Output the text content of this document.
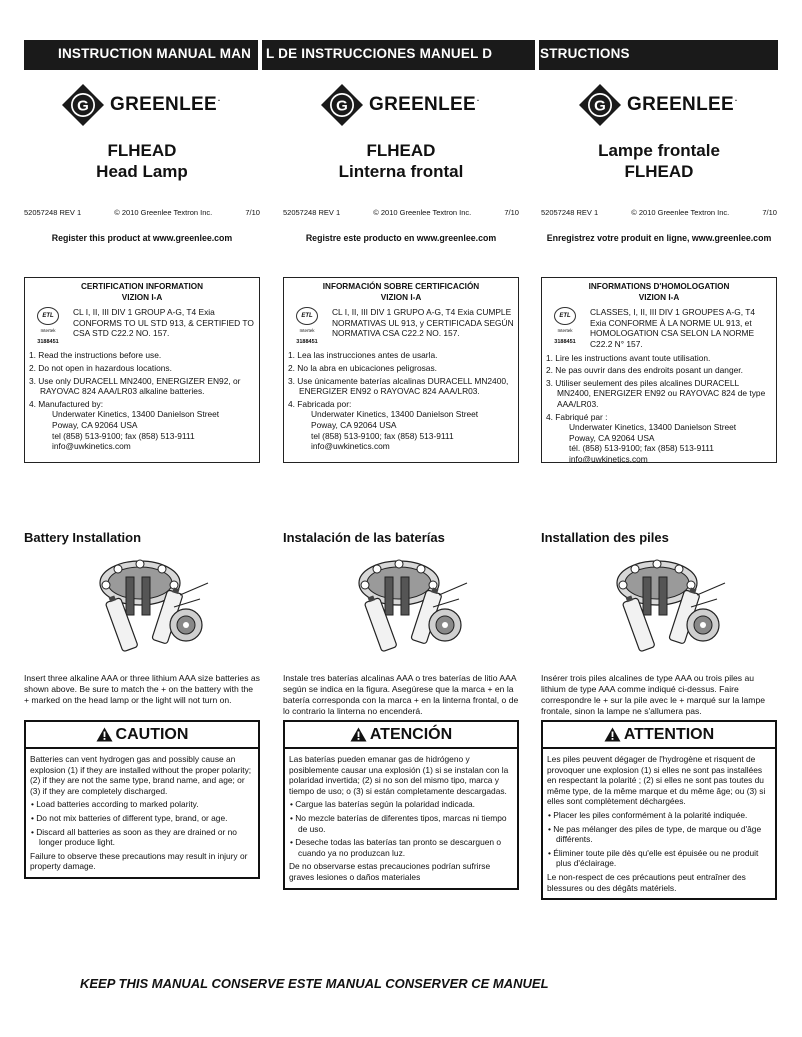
INSTRUCTION MANUAL MAN L DE INSTRUCCIONES MANUEL D	STRUCTIONS
G GREENLEE.
FLHEAD
Head Lamp
52057248 REV 1	© 2010 Greenlee Textron Inc.	7/10
Register this product at www.greenlee.com
CERTIFICATION INFORMATION
VIZION I-A
ETL
Intertek
3188451
CL I, II, III DIV 1 GROUP A-G, T4 Exia CONFORMS TO UL STD 913, & CERTIFIED TO CSA STD C22.2 NO. 157.
1. Read the instructions before use.
2. Do not open in hazardous locations.
3. Use only DURACELL MN2400, ENERGIZER EN92, or RAYOVAC 824 AAA/LR03 alkaline batteries.
4. Manufactured by:
Underwater Kinetics, 13400 Danielson Street
Poway, CA 92064 USA
tel (858) 513-9100; fax (858) 513-9111
info@uwkinetics.com
Battery Installation
Insert three alkaline AAA or three lithium AAA size batteries as shown above. Be sure to match the + on the battery with the + marked on the head lamp or the light will not turn on.
CAUTION

Batteries can vent hydrogen gas and possibly cause an explosion (1) if they are installed without the proper polarity; (2) if they are not the same type, brand name, and age; or (3) if they are completely discharged.

• Load batteries according to marked polarity.
• Do not mix batteries of different type, brand, or age.
• Discard all batteries as soon as they are drained or no longer produce light.

Failure to observe these precautions may result in injury or property damage.

G GREENLEE.
FLHEAD
Linterna frontal
52057248 REV 1	© 2010 Greenlee Textron Inc.	7/10
Registre este producto en www.greenlee.com
INFORMACIÓN SOBRE CERTIFICACIÓN
VIZION I-A
ETL
Intertek
3188451
CL I, II, III DIV 1 GRUPO A-G, T4 Exia CUMPLE NORMATIVAS UL 913, y CERTIFICADA SEGÚN NORMATIVA CSA C22.2 NO. 157.
1. Lea las instrucciones antes de usarla.
2. No la abra en ubicaciones peligrosas.
3. Use únicamente baterías alcalinas DURACELL MN2400, ENERGIZER EN92 o RAYOVAC 824 AAA/LR03.
4. Fabricada por:
Underwater Kinetics, 13400 Danielson Street
Poway, CA 92064 USA
tel (858) 513-9100; fax (858) 513-9111
info@uwkinetics.com
Instalación de las baterías
Instale tres baterías alcalinas AAA o tres baterías de litio AAA según se indica en la figura. Asegúrese que la marca + en la batería corresponda con la marca + en la linterna frontal, o de lo contrario la linterna no encenderá.
ATENCIÓN

Las baterías pueden emanar gas de hidrógeno y posiblemente causar una explosión (1) si se instalan con la polaridad invertida; (2) si no son del mismo tipo, marca y tiempo de uso; o (3) si están completamente descargadas.

• Cargue las baterías según la polaridad indicada.
• No mezcle baterías de diferentes tipos, marcas ni tiempo de uso.
• Deseche todas las baterías tan pronto se descarguen o cuando ya no produzcan luz.

De no observarse estas precauciones podrían sufrirse graves lesiones o daños materiales

G GREENLEE.
Lampe frontale
FLHEAD
52057248 REV 1	© 2010 Greenlee Textron Inc.	7/10
Enregistrez votre produit en ligne, www.greenlee.com
INFORMATIONS D'HOMOLOGATION
VIZION I-A
ETL
Intertek
3188451
CLASSES, I, II, III DIV 1 GROUPES A-G, T4 Exia CONFORME À LA NORME UL 913, et HOMOLOGATION CSA SELON LA NORME C22.2 N° 157.
1. Lire les instructions avant toute utilisation.
2. Ne pas ouvrir dans des endroits posant un danger.
3. Utiliser seulement des piles alcalines DURACELL MN2400, ENERGIZER EN92 ou RAYOVAC 824 de type AAA/LR03.
4. Fabriqué par :
Underwater Kinetics, 13400 Danielson Street
Poway, CA 92064 USA
tél. (858) 513-9100; fax (858) 513-9111
info@uwkinetics.com
Installation des piles
Insérer trois piles alcalines de type AAA ou trois piles au lithium de type AAA comme indiqué ci-dessus. Faire correspondre le + sur la pile avec le + marqué sur la lampe frontale, sinon la lampe ne s'allumera pas.
ATTENTION

Les piles peuvent dégager de l'hydrogène et risquent de provoquer une explosion (1) si elles ne sont pas installées en respectant la polarité ; (2) si elles ne sont pas toutes du même type, de la même marque et du même âge; ou (3) si elles sont complètement déchargées.

• Placer les piles conformément à la polarité indiquée.
• Ne pas mélanger des piles de type, de marque ou d'âge différents.
• Éliminer toute pile dès qu'elle est épuisée ou ne produit plus d'éclairage.

Le non-respect de ces précautions peut entraîner des blessures ou des dégâts matériels.

KEEP THIS MANUAL CONSERVE ESTE MANUAL CONSERVER CE MANUEL
